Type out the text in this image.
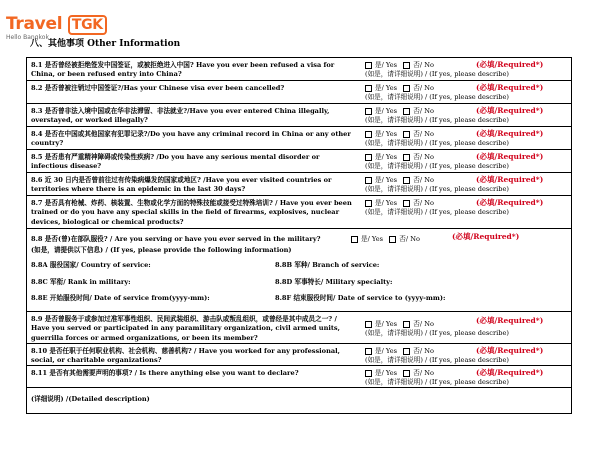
Travel TGK
Hello Bangkok
八、其他事项 Other Information
8.1 是否曾经被拒绝签发中国签证，或被拒绝进入中国? Have you ever been refused a visa for China, or been refused entry into China?
是/ Yes 否/ No
(如是，请详细说明) / (If yes, please describe)
(必填/Required*)
8.2 是否曾被注销过中国签证?/Has your Chinese visa ever been cancelled?	是/ Yes 否/ No
(如是，请详细说明) / (If yes, please describe)
(必填/Required*)
8.3 是否曾非法入境中国或在华非法滞留、非法就业?/Have you ever entered China illegally, overstayed, or worked illegally?
是/ Yes 否/ No
(如是，请详细说明) / (If yes, please describe)
(必填/Required*)
8.4 是否在中国或其他国家有犯罪记录?/Do you have any criminal record in China or any other country?
是/ Yes 否/ No
(如是，请详细说明) / (If yes, please describe)
(必填/Required*)
8.5 是否患有严重精神障碍或传染性疾病? /Do you have any serious mental disorder or infectious disease?
是/ Yes 否/ No
(如是，请详细说明) / (If yes, please describe)
(必填/Required*)
8.6 近 30 日内是否曾前往过有传染病爆发的国家或地区? /Have you ever visited countries or territories where there is an epidemic in the last 30 days?
是/ Yes 否/ No
(如是，请详细说明) / (If yes, please describe)
(必填/Required*)
8.7 是否具有枪械、炸药、核装置、生物或化学方面的特殊技能或接受过特殊培训? / Have you ever been trained or do you have any special skills in the field of firearms, explosives, nuclear devices, biological or chemical products?
是/ Yes 否/ No
(如是，请详细说明) / (If yes, please describe)
(必填/Required*)
8.8 是否(曾)在部队服役? / Are you serving or have you ever served in the military?	是/ Yes 否/ No	(必填/Required*)
(如是，请提供以下信息) / (If yes, please provide the following information)
8.8A 服役国家/ Country of service:	8.8B 军种/ Branch of service:
8.8C 军衔/ Rank in military:	8.8D 军事特长/ Military specialty:
8.8E 开始服役时间/ Date of service from(yyyy-mm):	8.8F 结束服役时间/ Date of service to (yyyy-mm):
8.9 是否曾服务于或参加过准军事性组织、民间武装组织、游击队或叛乱组织，或曾经是其中成员之一? / Have you served or participated in any paramilitary organization, civil armed units, guerrilla forces or armed organizations, or been its member?
是/ Yes 否/ No
(如是，请详细说明) / (If yes, please describe)
(必填/Required*)
8.10 是否任职于任何职业机构、社会机构、慈善机构? / Have you worked for any professional, social, or charitable organizations?
是/ Yes 否/ No
(如是，请详细说明) / (If yes, please describe)
(必填/Required*)
8.11 是否有其他需要声明的事项? / Is there anything else you want to declare?	是/ Yes 否/ No
(如是，请详细说明) / (If yes, please describe)
(必填/Required*)
(详细说明) /(Detailed description)
